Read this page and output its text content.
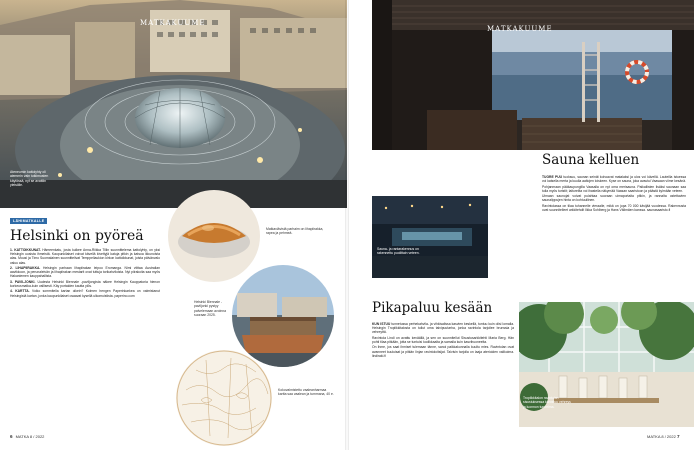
MATKAKUUME
Ateneumin kattolyhty oli aiemmin vain tutkimusten käytössä, nyt se avattiin yleisölle.
LÄHIMATKALLE
Helsinki on pyöreä

1. KATTOIKKUNAT. Hämeenkatu, josta kulkee Anna-Riikka Tillin suunnittelema kattolyhty, on yksi Helsingin uusista ihmeistä. Kaupunkilaiset voivat kävellä kivettyjä katuja pitkin ja katsoa ikkunoista alas. Muusi ja Timo Suomalainen suunnittelivat Temppeliaukion kirkon kattoikkunat, joista päivänvalo valuu alas.

2. LIHAPIIRAKKA. Helsingin parhaan lihapiirakan leipoo Eromanga. Nimi viittaa Australian aavikkoon, ja perunaleivän ja lihapiirakan mestarit ovat tuttuja torikahviloista. Nyt piirakoita saa myös Hakaniemen kauppahallista.

3. PAVILJONKI. Uudesta Helsinki Biennale -paviljongista näkee Helsingin Kauppatoria hienon korkeusmatka-kuin vallisesti. Käy portaiden kautta ylös.

4. KARTTA. Voiko sommitella kartan oikein? Kolmen hengen Paperinkarkea on valmistanut Helsingistä kartan, jonka kaupunkilaiset osaavat kysellä ulkomuistista. paperino.com

Matkaviävistä parhaim on lihapiirakka, rapea ja pehmeä.
Helsinki Biennale -paviljonki pystyy palvelemaan avoinna suoraan 2025.
Kokovalmistettu vaaleanharmaa kartta saa vaalean ja tummana, 40 e.
6 MATKA 8 / 2022
MATKAKUUME
Vaasan uuden merisaunan saunan saa nähdä vain kesällä. Saunassa on tilaa yli kymmenelle saunojalle.
Sauna- ja rantarakennus on rakennettu puolittain veteen.
Sauna kelluen

TUORE PUU tuoksuu, saunan seinät kohoavat matalaksi ja ulos voi kävellä. Lauteilla istuessa voi katsella merta ja kuulla aaltojen loiskeen. Kyse on sauna, joka avautui Vaasaan viime kesänä.

Pohjanmaan pääkaupungilla Vaasalla on nyt oma merisauna. Paikallisten lisäksi saunaan saa tulla myös turistit; laitureilta voi ihastella näkymää Vaasan saaristoon ja päästä kylmään veteen.

Uimaan saunojat voivat pulahtaa suoraan uimaportaita pitkin, ja rannalta ostettavien saunalippujen hinta on kohtuullinen.

Ravintolassa on tilaa tuhannelle vieraalle, mikä on jopa 70 000 kävijää vuodessa. Rakennusta ovat suunnitelleet arkkitehdit Ilkka Sohlberg ja Hans Välimäen kanssa. saunasaaristo.fi

Pikapaluu kesään

KUN ISTUU tunnetussa perhekahvila- ja vihkisalissa kasvien keskellä, tuntuu kuin olisi lomalla. Helsingin Tropiikkitalosta on tullut oma talvipuutarha, jonka ravintola tarjoilee brunssia ja vehreyttä.

Ravintola Lindi on avattu keväällä, ja sen on suunnitellut Sisustusarkkitehti Maria Berg. Hän pohti tilaa pitkään, jotta se tuntuisi kodikkaalta ja samalla kuin kasvihuoneelta.

On ihme, jos saat ihmiset tulemaan tänne, sanoi paikkakunnalla kuultu mies. Ravintolan ovat avanneet kuuluisat ja pitkän linjan ravintoloitsijat. Talvisin tarjolla on laaja aterioiden valikoima. lindiraki.fi

Tropiikkitalon ravintolan sisustuksessa korostuu vehreys ja luonnon tunnelma.
MATKA 8 / 2022 7
